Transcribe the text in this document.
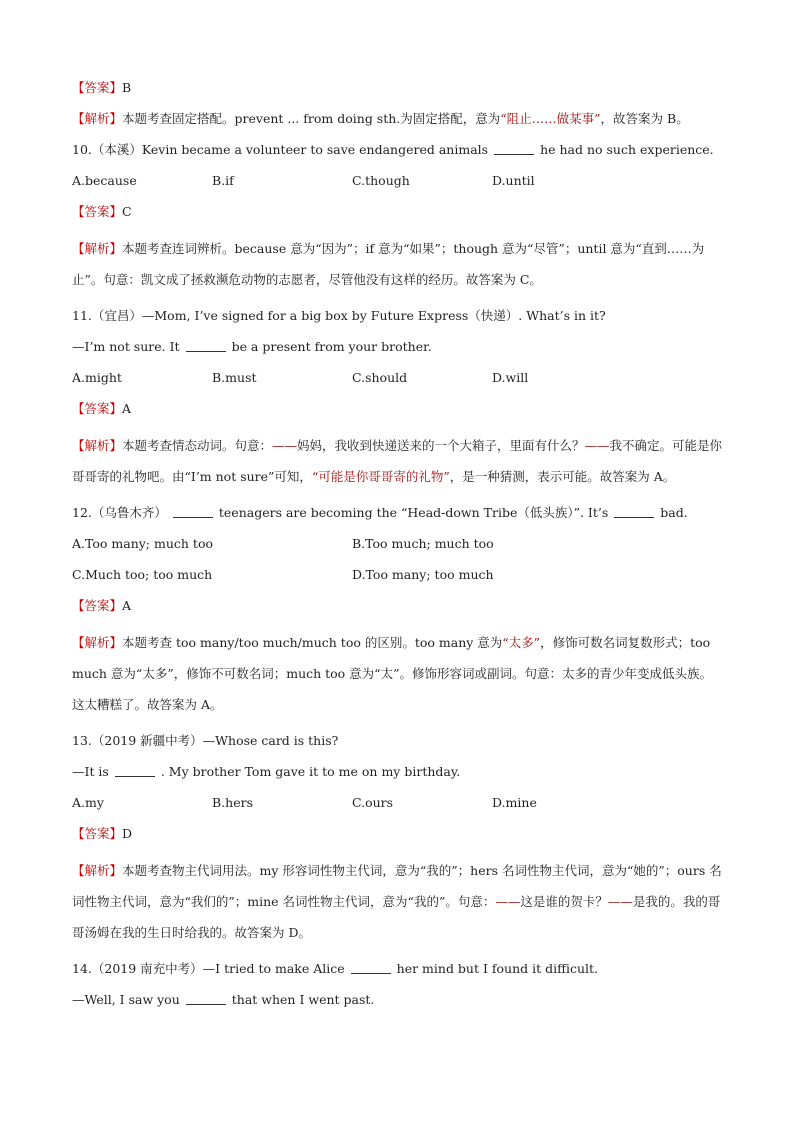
【答案】B
【解析】本题考查固定搭配。prevent ... from doing sth.为固定搭配，意为“阻止……做某事”，故答案为 B。
10.（本溪）Kevin became a volunteer to save endangered animals	he had no such experience.
A.because	B.if	C.though	D.until
【答案】C
【解析】本题考查连词辨析。because 意为“因为”；if 意为“如果”；though 意为“尽管”；until 意为“直到……为止”。句意：凯文成了拯救濒危动物的志愿者，尽管他没有这样的经历。故答案为 C。
11.（宜昌）—Mom, I’ve signed for a big box by Future Express（快递）. What’s in it?
—I’m not sure. It	be a present from your brother.
A.might	B.must	C.should	D.will
【答案】A
【解析】本题考查情态动词。句意：——妈妈，我收到快递送来的一个大箱子，里面有什么？——我不确定。可能是你哥哥寄的礼物吧。由“I’m not sure”可知，“可能是你哥哥寄的礼物”，是一种猜测，表示可能。故答案为 A。
12.（乌鲁木齐）	teenagers are becoming the “Head-down Tribe（低头族）”. It’s	bad.
A.Too many; much too	B.Too much; much too
C.Much too; too much	D.Too many; too much
【答案】A
【解析】本题考查 too many/too much/much too 的区别。too many 意为“太多”，修饰可数名词复数形式；too much 意为“太多”，修饰不可数名词；much too 意为“太”。修饰形容词或副词。句意：太多的青少年变成低头族。这太糟糕了。故答案为 A。
13.（2019 新疆中考）—Whose card is this?
—It is	. My brother Tom gave it to me on my birthday.
A.my	B.hers	C.ours	D.mine
【答案】D
【解析】本题考查物主代词用法。my 形容词性物主代词，意为“我的”；hers 名词性物主代词，意为“她的”；ours 名词性物主代词，意为“我们的”；mine 名词性物主代词，意为“我的”。句意：——这是谁的贺卡？——是我的。我的哥哥汤姆在我的生日时给我的。故答案为 D。
14.（2019 南充中考）—I tried to make Alice	her mind but I found it difficult.
—Well, I saw you	that when I went past.
